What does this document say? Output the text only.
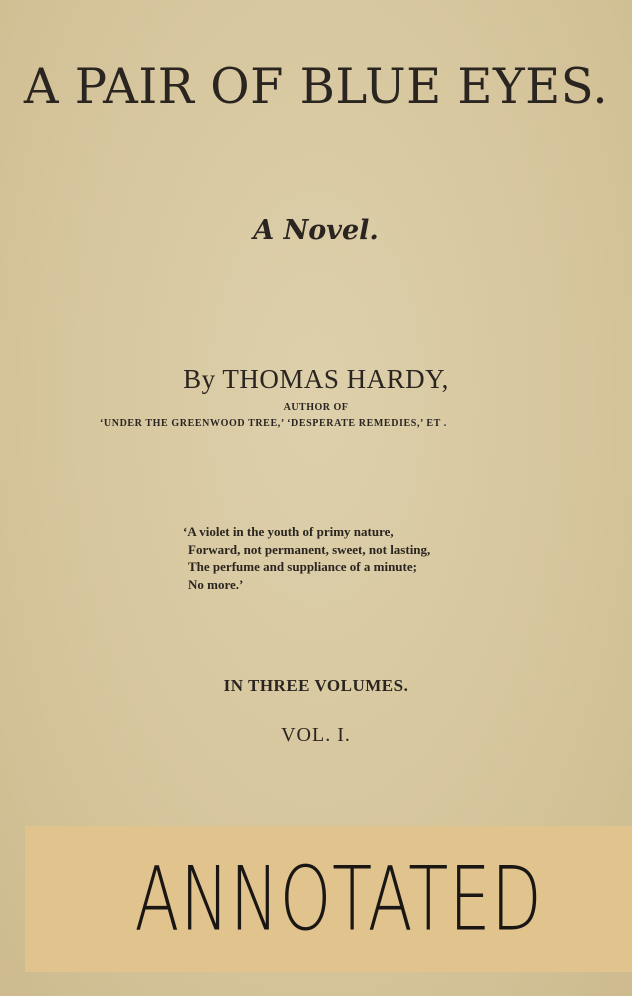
A PAIR OF BLUE EYES.
A Novel.
By THOMAS HARDY,
AUTHOR OF
‘UNDER THE GREENWOOD TREE,’ ‘DESPERATE REMEDIES,’ ET .
‘A violet in the youth of primy nature,
Forward, not permanent, sweet, not lasting,
The perfume and suppliance of a minute;
No more.’
IN THREE VOLUMES.
VOL. I.
ANNOTATED
